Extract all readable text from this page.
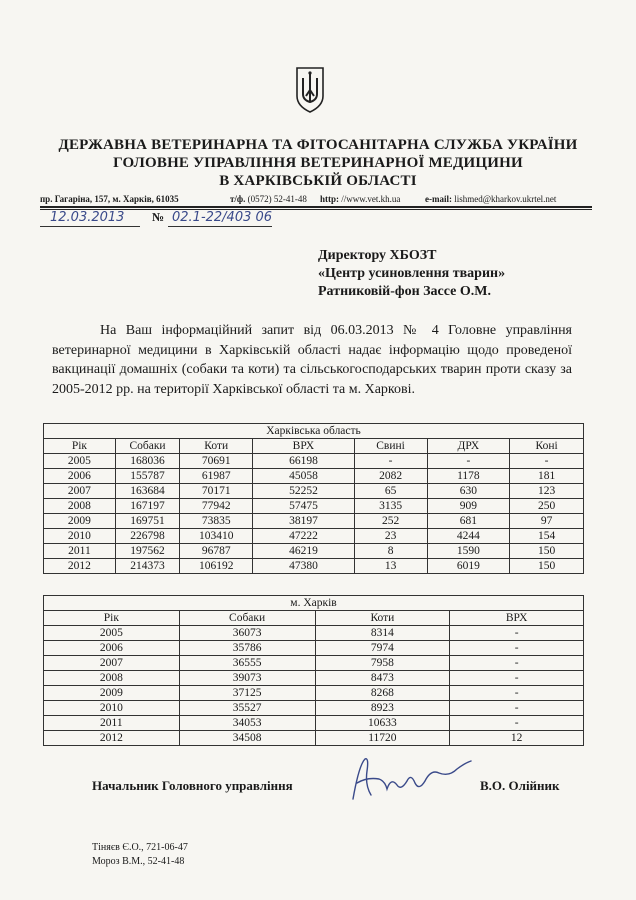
ДЕРЖАВНА ВЕТЕРИНАРНА ТА ФІТОСАНІТАРНА СЛУЖБА УКРАЇНИ
ГОЛОВНЕ УПРАВЛІННЯ ВЕТЕРИНАРНОЇ МЕДИЦИНИ
В ХАРКІВСЬКІЙ ОБЛАСТІ
пр. Гагаріна, 157, м. Харків, 61035	т/ф. (0572) 52-41-48 http: //www.vet.kh.ua	e-mail: lishmed@kharkov.ukrtel.net
12.03.2013 № 02.1-22/403 06
Директору ХБОЗТ
«Центр усиновлення тварин»
Ратниковій-фон Зассе О.М.

На Ваш інформаційний запит від 06.03.2013 № 4 Головне управління ветеринарної медицини в Харківській області надає інформацію щодо проведеної вакцинації домашніх (собаки та коти) та сільськогосподарських тварин проти сказу за 2005-2012 рр. на території Харківської області та м. Харкові.

Харківська область						
Рік	Собаки	Коти	ВРХ	Свині	ДРХ	Коні
2005	168036	70691	66198	-	-	-
2006	155787	61987	45058	2082	1178	181
2007	163684	70171	52252	65	630	123
2008	167197	77942	57475	3135	909	250
2009	169751	73835	38197	252	681	97
2010	226798	103410	47222	23	4244	154
2011	197562	96787	46219	8	1590	150
2012	214373	106192	47380	13	6019	150
м. Харків			
Рік	Собаки	Коти	ВРХ
2005	36073	8314	-
2006	35786	7974	-
2007	36555	7958	-
2008	39073	8473	-
2009	37125	8268	-
2010	35527	8923	-
2011	34053	10633	-
2012	34508	11720	12
Начальник Головного управління	В.О. Олійник
Тіняєв Є.О., 721-06-47
Мороз В.М., 52-41-48
